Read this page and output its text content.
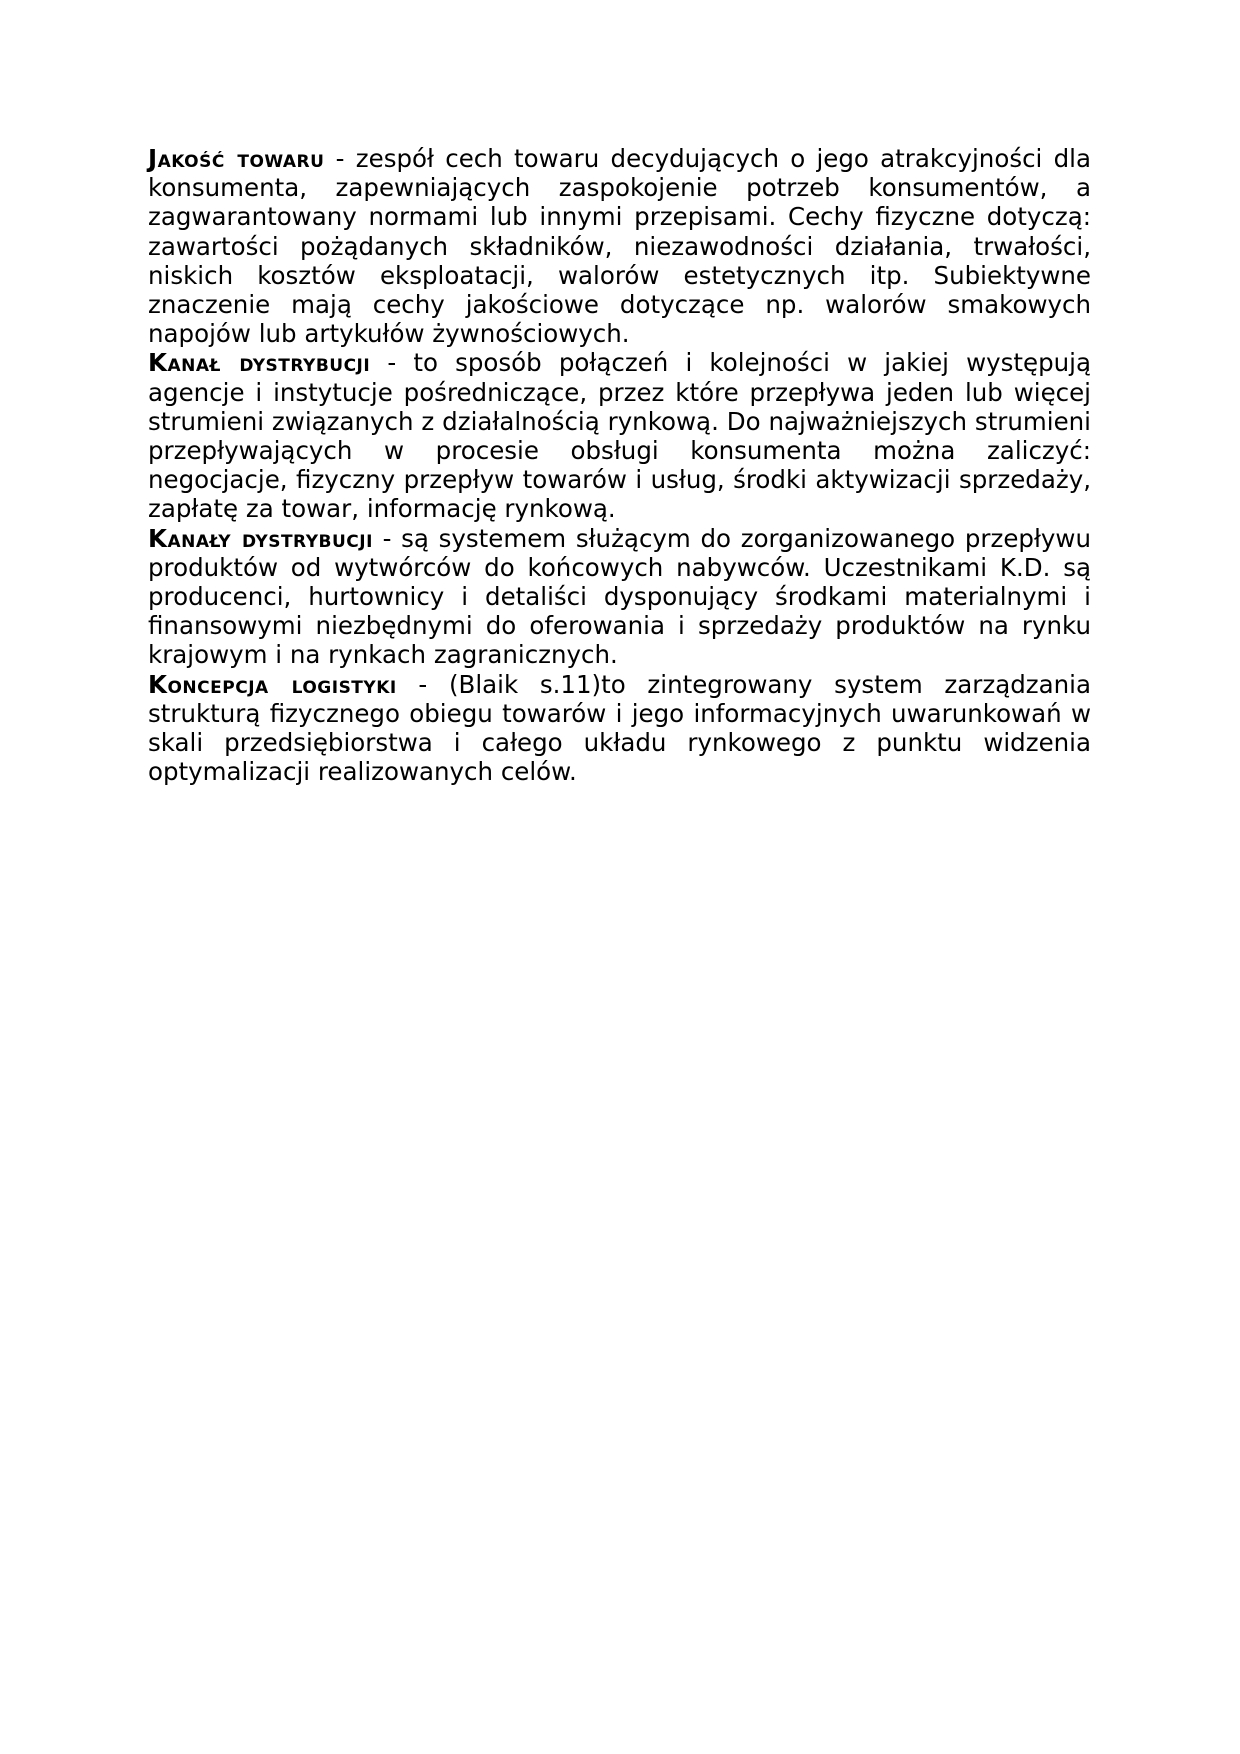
Jakość towaru - zespół cech towaru decydujących o jego atrakcyjności dla konsumenta, zapewniających zaspokojenie potrzeb konsumentów, a zagwarantowany normami lub innymi przepisami. Cechy fizyczne dotyczą: zawartości pożądanych składników, niezawodności działania, trwałości, niskich kosztów eksploatacji, walorów estetycznych itp. Subiektywne znaczenie mają cechy jakościowe dotyczące np. walorów smakowych napojów lub artykułów żywnościowych.

Kanał dystrybucji - to sposób połączeń i kolejności w jakiej występują agencje i instytucje pośredniczące, przez które przepływa jeden lub więcej strumieni związanych z działalnością rynkową. Do najważniejszych strumieni przepływających w procesie obsługi konsumenta można zaliczyć: negocjacje, fizyczny przepływ towarów i usług, środki aktywizacji sprzedaży, zapłatę za towar, informację rynkową.

Kanały dystrybucji - są systemem służącym do zorganizowanego przepływu produktów od wytwórców do końcowych nabywców. Uczestnikami K.D. są producenci, hurtownicy i detaliści dysponujący środkami materialnymi i finansowymi niezbędnymi do oferowania i sprzedaży produktów na rynku krajowym i na rynkach zagranicznych.

Koncepcja logistyki - (Blaik s.11)to zintegrowany system zarządzania strukturą fizycznego obiegu towarów i jego informacyjnych uwarunkowań w skali przedsiębiorstwa i całego układu rynkowego z punktu widzenia optymalizacji realizowanych celów.
